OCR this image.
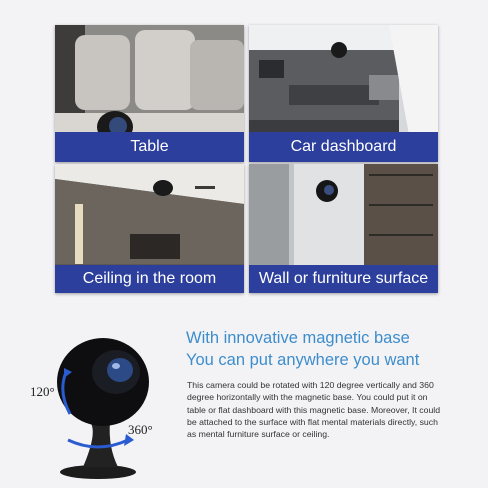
Table	Car dashboard
Ceiling in the room	Wall or furniture surface
120°
360°
With innovative magnetic base
You can put anywhere you want
This camera could be rotated with 120 degree vertically and 360 degree horizontally with the magnetic base. You could put it on table or flat dashboard with this magnetic base. Moreover, It could be attached to the surface with flat mental materials directly, such as mental furniture surface or ceiling.
